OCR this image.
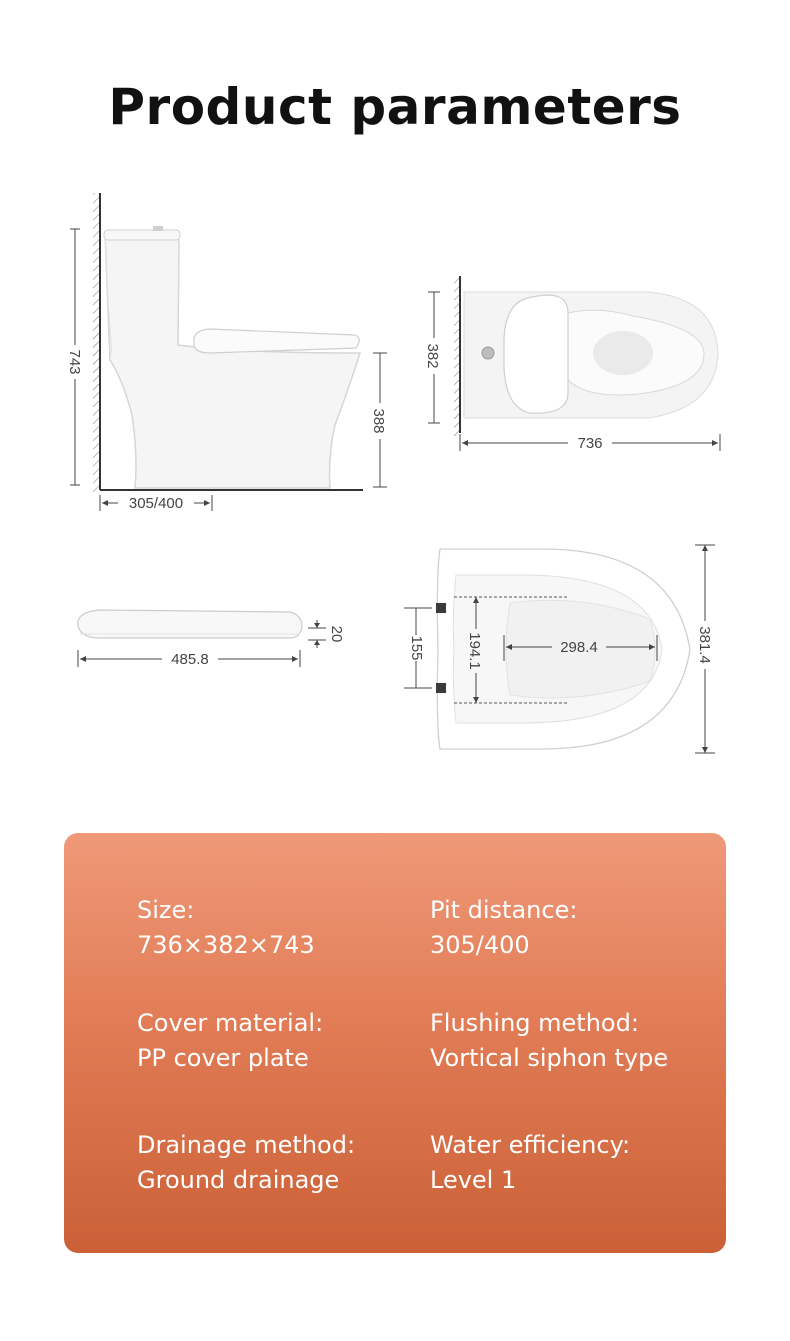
Product parameters
743
388
305/400
382
736
20
485.8	155	194.1	298.4	381.4
Size:
736×382×743
Pit distance:
305/400
Cover material:
PP cover plate
Flushing method:
Vortical siphon type
Drainage method:
Ground drainage
Water efficiency:
Level 1
